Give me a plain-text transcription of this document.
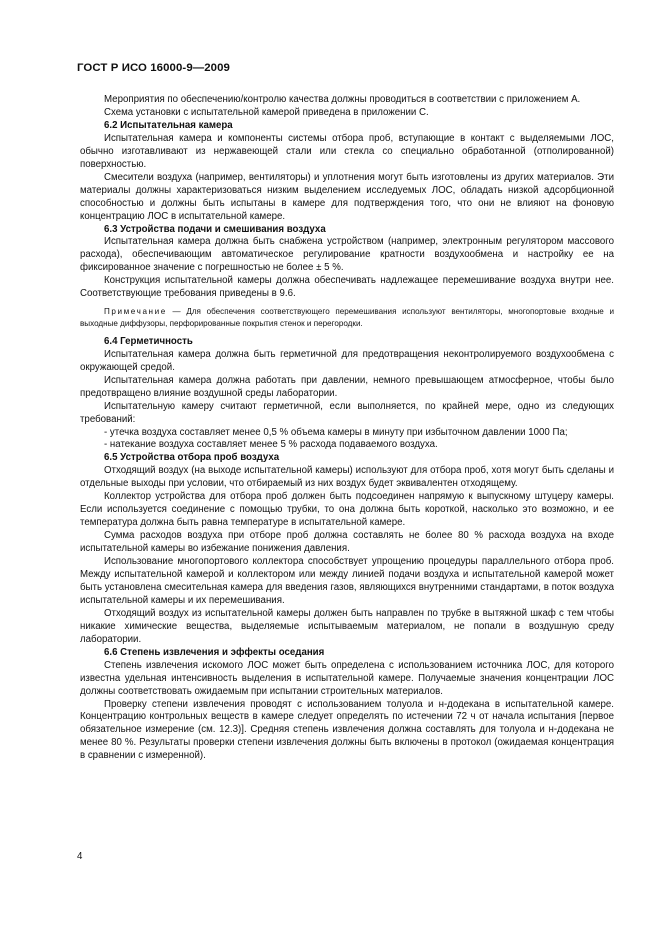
ГОСТ Р ИСО 16000-9—2009

Мероприятия по обеспечению/контролю качества должны проводиться в соответствии с приложением А.

Схема установки с испытательной камерой приведена в приложении С.

6.2 Испытательная камера

Испытательная камера и компоненты системы отбора проб, вступающие в контакт с выделяемыми ЛОС, обычно изготавливают из нержавеющей стали или стекла со специально обработанной (отполированной) поверхностью.

Смесители воздуха (например, вентиляторы) и уплотнения могут быть изготовлены из других материалов. Эти материалы должны характеризоваться низким выделением исследуемых ЛОС, обладать низкой адсорбционной способностью и должны быть испытаны в камере для подтверждения того, что они не влияют на фоновую концентрацию ЛОС в испытательной камере.

6.3 Устройства подачи и смешивания воздуха

Испытательная камера должна быть снабжена устройством (например, электронным регулятором массового расхода), обеспечивающим автоматическое регулирование кратности воздухообмена и настройку ее на фиксированное значение с погрешностью не более ± 5 %.

Конструкция испытательной камеры должна обеспечивать надлежащее перемешивание воздуха внутри нее. Соответствующие требования приведены в 9.6.

Примечание — Для обеспечения соответствующего перемешивания используют вентиляторы, многопортовые входные и выходные диффузоры, перфорированные покрытия стенок и перегородки.

6.4 Герметичность

Испытательная камера должна быть герметичной для предотвращения неконтролируемого воздухообмена с окружающей средой.

Испытательная камера должна работать при давлении, немного превышающем атмосферное, чтобы было предотвращено влияние воздушной среды лаборатории.

Испытательную камеру считают герметичной, если выполняется, по крайней мере, одно из следующих требований:

- утечка воздуха составляет менее 0,5 % объема камеры в минуту при избыточном давлении 1000 Па;

- натекание воздуха составляет менее 5 % расхода подаваемого воздуха.

6.5 Устройства отбора проб воздуха

Отходящий воздух (на выходе испытательной камеры) используют для отбора проб, хотя могут быть сделаны и отдельные выходы при условии, что отбираемый из них воздух будет эквивалентен отходящему.

Коллектор устройства для отбора проб должен быть подсоединен напрямую к выпускному штуцеру камеры. Если используется соединение с помощью трубки, то она должна быть короткой, насколько это возможно, и ее температура должна быть равна температуре в испытательной камере.

Сумма расходов воздуха при отборе проб должна составлять не более 80 % расхода воздуха на входе испытательной камеры во избежание понижения давления.

Использование многопортового коллектора способствует упрощению процедуры параллельного отбора проб. Между испытательной камерой и коллектором или между линией подачи воздуха и испытательной камерой может быть установлена смесительная камера для введения газов, являющихся внутренними стандартами, в поток воздуха испытательной камеры и их перемешивания.

Отходящий воздух из испытательной камеры должен быть направлен по трубке в вытяжной шкаф с тем чтобы никакие химические вещества, выделяемые испытываемым материалом, не попали в воздушную среду лаборатории.

6.6 Степень извлечения и эффекты оседания

Степень извлечения искомого ЛОС может быть определена с использованием источника ЛОС, для которого известна удельная интенсивность выделения в испытательной камере. Получаемые значения концентрации ЛОС должны соответствовать ожидаемым при испытании строительных материалов.

Проверку степени извлечения проводят с использованием толуола и н-додекана в испытательной камере. Концентрацию контрольных веществ в камере следует определять по истечении 72 ч от начала испытания [первое обязательное измерение (см. 12.3)]. Средняя степень извлечения должна составлять для толуола и н-додекана не менее 80 %. Результаты проверки степени извлечения должны быть включены в протокол (ожидаемая концентрация в сравнении с измеренной).

4
